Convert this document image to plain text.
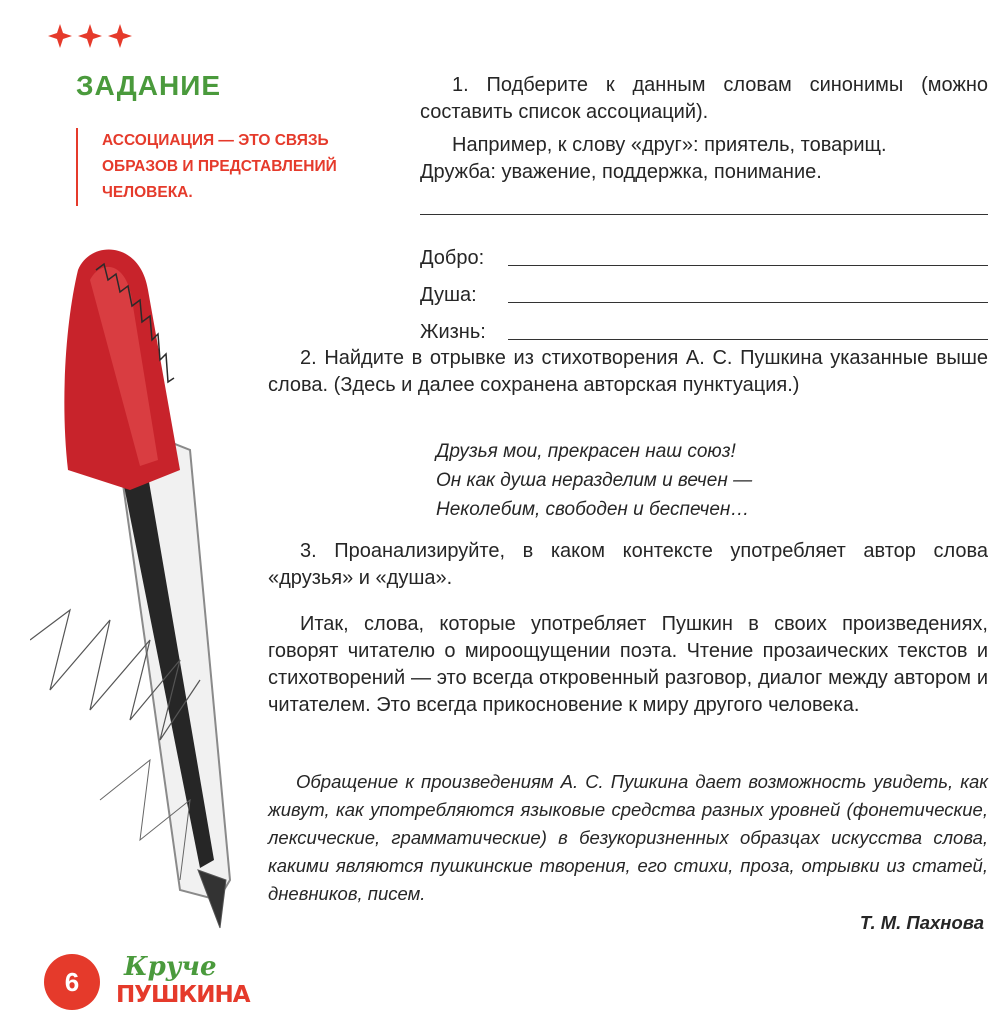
ЗАДАНИЕ
АССОЦИАЦИЯ — ЭТО СВЯЗЬ ОБРАЗОВ И ПРЕДСТАВЛЕНИЙ ЧЕЛОВЕКА.

1. Подберите к данным словам синонимы (можно составить список ассоциаций).

Например, к слову «друг»: приятель, товарищ.

Дружба: уважение, поддержка, понимание.

Добро:
Душа:
Жизнь:

2. Найдите в отрывке из стихотворения А. С. Пушкина указанные выше слова. (Здесь и далее сохранена авторская пунктуация.)

Друзья мои, прекрасен наш союз!
Он как душа неразделим и вечен —
Неколебим, свободен и беспечен…

3. Проанализируйте, в каком контексте употребляет автор слова «друзья» и «душа».

Итак, слова, которые употребляет Пушкин в своих произведениях, говорят читателю о мироощущении поэта. Чтение прозаических текстов и стихотворений — это всегда откровенный разговор, диалог между автором и читателем. Это всегда прикосновение к миру другого человека.

Обращение к произведениям А. С. Пушкина дает возможность увидеть, как живут, как употребляются языковые средства разных уровней (фонетические, лексические, грамматические) в безукоризненных образцах искусства слова, какими являются пушкинские творения, его стихи, проза, отрывки из статей, дневников, писем.
Т. М. Пахнова
6	Круче
ПУШКИНА
